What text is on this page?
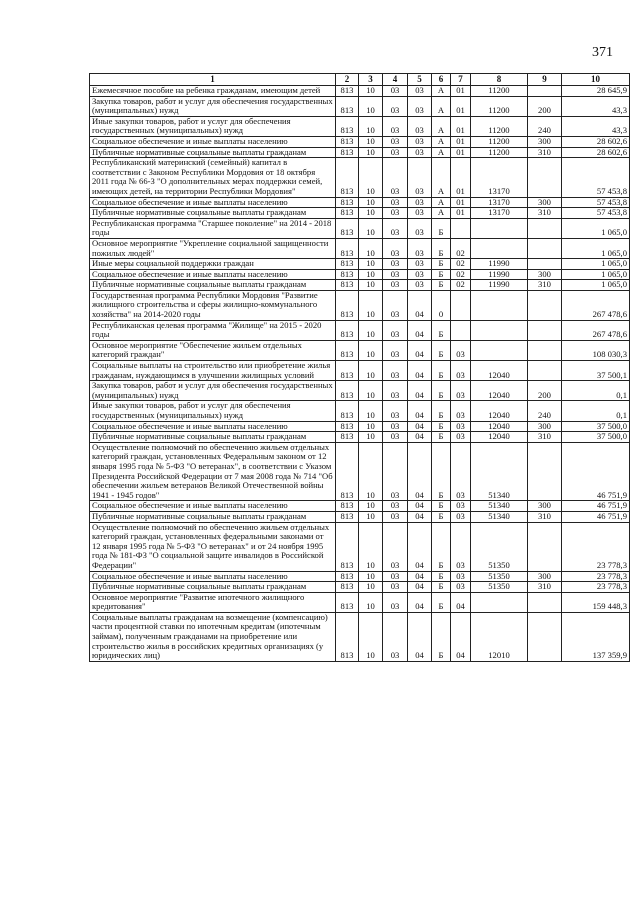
371
1	2	3	4	5	6	7	8	9	10
Ежемесячное пособие на ребенка гражданам, имеющим детей	813	10	03	03	А	01	11200		28 645,9
Закупка товаров, работ и услуг для обеспечения государственных (муниципальных) нужд	813	10	03	03	А	01	11200	200	43,3
Иные закупки товаров, работ и услуг для обеспечения государственных (муниципальных) нужд	813	10	03	03	А	01	11200	240	43,3
Социальное обеспечение и иные выплаты населению	813	10	03	03	А	01	11200	300	28 602,6
Публичные нормативные социальные выплаты гражданам	813	10	03	03	А	01	11200	310	28 602,6
Республиканский материнский (семейный) капитал в соответствии с Законом Республики Мордовия от 18 октября 2011 года № 66-З "О дополнительных мерах поддержки семей, имеющих детей, на территории Республики Мордовия"	813	10	03	03	А	01	13170		57 453,8
Социальное обеспечение и иные выплаты населению	813	10	03	03	А	01	13170	300	57 453,8
Публичные нормативные социальные выплаты гражданам	813	10	03	03	А	01	13170	310	57 453,8
Республиканская программа "Старшее поколение" на 2014 - 2018 годы	813	10	03	03	Б				1 065,0
Основное мероприятие "Укрепление социальной защищенности пожилых людей"	813	10	03	03	Б	02			1 065,0
Иные меры социальной поддержки граждан	813	10	03	03	Б	02	11990		1 065,0
Социальное обеспечение и иные выплаты населению	813	10	03	03	Б	02	11990	300	1 065,0
Публичные нормативные социальные выплаты гражданам	813	10	03	03	Б	02	11990	310	1 065,0
Государственная программа Республики Мордовия "Развитие жилищного строительства и сферы жилищно-коммунального хозяйства" на 2014-2020 годы	813	10	03	04	0				267 478,6
Республиканская целевая программа "Жилище" на 2015 - 2020 годы	813	10	03	04	Б				267 478,6
Основное мероприятие "Обеспечение жильем отдельных категорий граждан"	813	10	03	04	Б	03			108 030,3
Социальные выплаты на строительство или приобретение жилья гражданам, нуждающимся в улучшении жилищных условий	813	10	03	04	Б	03	12040		37 500,1
Закупка товаров, работ и услуг для обеспечения государственных (муниципальных) нужд	813	10	03	04	Б	03	12040	200	0,1
Иные закупки товаров, работ и услуг для обеспечения государственных (муниципальных) нужд	813	10	03	04	Б	03	12040	240	0,1
Социальное обеспечение и иные выплаты населению	813	10	03	04	Б	03	12040	300	37 500,0
Публичные нормативные социальные выплаты гражданам	813	10	03	04	Б	03	12040	310	37 500,0
Осуществление полномочий по обеспечению жильем отдельных категорий граждан, установленных Федеральным законом от 12 января 1995 года № 5-ФЗ "О ветеранах", в соответствии с Указом Президента Российской Федерации от 7 мая 2008 года № 714 "Об обеспечении жильем ветеранов Великой Отечественной войны 1941 - 1945 годов"	813	10	03	04	Б	03	51340		46 751,9
Социальное обеспечение и иные выплаты населению	813	10	03	04	Б	03	51340	300	46 751,9
Публичные нормативные социальные выплаты гражданам	813	10	03	04	Б	03	51340	310	46 751,9
Осуществление полномочий по обеспечению жильем отдельных категорий граждан, установленных федеральными законами от 12 января 1995 года № 5-ФЗ "О ветеранах" и от 24 ноября 1995 года № 181-ФЗ "О социальной защите инвалидов в Российской Федерации"	813	10	03	04	Б	03	51350		23 778,3
Социальное обеспечение и иные выплаты населению	813	10	03	04	Б	03	51350	300	23 778,3
Публичные нормативные социальные выплаты гражданам	813	10	03	04	Б	03	51350	310	23 778,3
Основное мероприятие "Развитие ипотечного жилищного кредитования"	813	10	03	04	Б	04			159 448,3
Социальные выплаты гражданам на возмещение (компенсацию) части процентной ставки по ипотечным кредитам (ипотечным займам), полученным гражданами на приобретение или строительство жилья в российских кредитных организациях (у юридических лиц)	813	10	03	04	Б	04	12010		137 359,9
